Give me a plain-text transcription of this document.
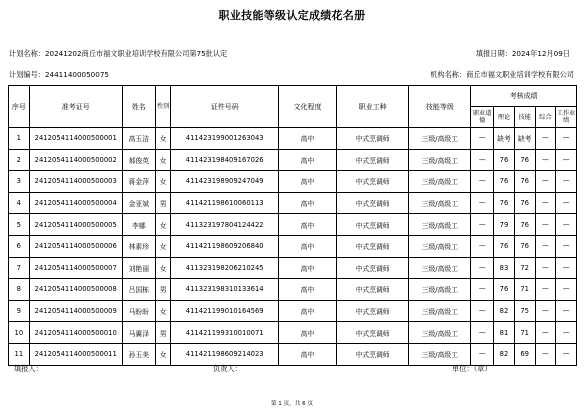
职业技能等级认定成绩花名册
计划名称：20241202商丘市福文职业培训学校有限公司第75批认定	填报日期：2024年12月09日
计划编号：24411400050075	机构名称：商丘市福文职业培训学校有限公司
序号	准考证号	姓名	性别	证件号码	文化程度	职业工种	技能等级	考核成绩				
								职业道德	理论	技能	综合	工作业绩
1	2412054114000500001	高玉洁	女	411423199001263043	高中	中式烹调师	三级/高级工	—	缺考	缺考	—	—
2	2412054114000500002	郝俊英	女	411423198409167026	高中	中式烹调师	三级/高级工	—	76	76	—	—
3	2412054114000500003	蒋金萍	女	411423198909247049	高中	中式烹调师	三级/高级工	—	76	76	—	—
4	2412054114000500004	金亚斌	男	411421198610060113	高中	中式烹调师	三级/高级工	—	76	76	—	—
5	2412054114000500005	李娜	女	411323197804124422	高中	中式烹调师	三级/高级工	—	79	76	—	—
6	2412054114000500006	林素珍	女	411421198609206840	高中	中式烹调师	三级/高级工	—	76	76	—	—
7	2412054114000500007	刘艳丽	女	411323198206210245	高中	中式烹调师	三级/高级工	—	83	72	—	—
8	2412054114000500008	吕国栋	男	411323198310133614	高中	中式烹调师	三级/高级工	—	76	71	—	—
9	2412054114000500009	马盼盼	女	411421199010164569	高中	中式烹调师	三级/高级工	—	82	75	—	—
10	2412054114000500010	马翼泽	男	411421199310010071	高中	中式烹调师	三级/高级工	—	81	71	—	—
11	2412054114000500011	孙玉美	女	411421198609214023	高中	中式烹调师	三级/高级工	—	82	69	—	—
填报人：	负责人：	单位：（章）
第 1 页，共 6 页
